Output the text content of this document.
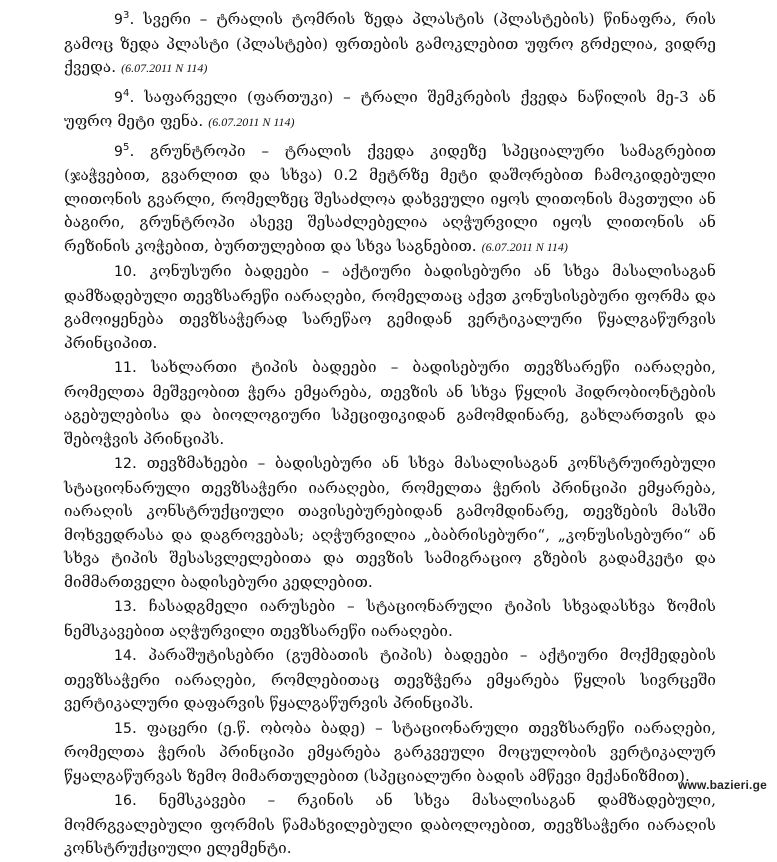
$9^3$. სვერი – ტრალის ტომრის ზედა პლასტის (პლასტების) წინაფრა, რის გამოც ზედა პლასტი (პლასტები) ფრთების გამოკლებით უფრო გრძელია, ვიდრე ქვედა. (6.07.2011 N 114)

$9^4$. საფარველი (ფართუკი) – ტრალი შემკრების ქვედა ნაწილის მე-3 ან უფრო მეტი ფენა. (6.07.2011 N 114)

$9^5$. გრუნტროპი – ტრალის ქვედა კიდეზე სპეციალური სამაგრებით (ჯაჭვებით, გვარლით და სხვა) 0.2 მეტრზე მეტი დაშორებით ჩამოკიდებული ლითონის გვარლი, რომელზეც შესაძლოა დახვეული იყოს ლითონის მავთული ან ბაგირი, გრუნტროპი ასევე შესაძლებელია აღჭურვილი იყოს ლითონის ან რეზინის კოჭებით, ბურთულებით და სხვა საგნებით. (6.07.2011 N 114)

10. კონუსური ბადეები – აქტიური ბადისებური ან სხვა მასალისაგან დამზადებული თევზსარეწი იარაღები, რომელთაც აქვთ კონუსისებური ფორმა და გამოიყენება თევზსაჭერად სარეწაო გემიდან ვერტიკალური წყალგაწურვის პრინციპით.

11. სახლართი ტიპის ბადეები – ბადისებური თევზსარეწი იარაღები, რომელთა მეშვეობით ჭერა ემყარება, თევზის ან სხვა წყლის ჰიდრობიონტების აგებულებისა და ბიოლოგიური სპეციფიკიდან გამომდინარე, გახლართვის და შებოჭვის პრინციპს.

12. თევზმახეები – ბადისებური ან სხვა მასალისაგან კონსტრუირებული სტაციონარული თევზსაჭერი იარაღები, რომელთა ჭერის პრინციპი ემყარება, იარაღის კონსტრუქციული თავისებურებიდან გამომდინარე, თევზების მასში მოხვედრასა და დაგროვებას; აღჭურვილია „ბაბრისებური“, „კონუსისებური“ ან სხვა ტიპის შესასვლელებითა და თევზის სამიგრაციო გზების გადამკეტი და მიმმართველი ბადისებური კედლებით.

13. ჩასადგმელი იარუსები – სტაციონარული ტიპის სხვადასხვა ზომის ნემსკავებით აღჭურვილი თევზსარეწი იარაღები.

14. პარაშუტისებრი (გუმბათის ტიპის) ბადეები – აქტიური მოქმედების თევზსაჭერი იარაღები, რომლებითაც თევზჭერა ემყარება წყლის სივრცეში ვერტიკალური დაფარვის წყალგაწურვის პრინციპს.

15. ფაცერი (ე.წ. ობობა ბადე) – სტაციონარული თევზსარეწი იარაღები, რომელთა ჭერის პრინციპი ემყარება გარკვეული მოცულობის ვერტიკალურ წყალგაწურვას ზემო მიმართულებით (სპეციალური ბადის ამწევი მექანიზმით).

16. ნემსკავები – რკინის ან სხვა მასალისაგან დამზადებული, მომრგვალებული ფორმის წამახვილებული დაბოლოებით, თევზსაჭერი იარაღის კონსტრუქციული ელემენტი.

www.bazieri.ge
